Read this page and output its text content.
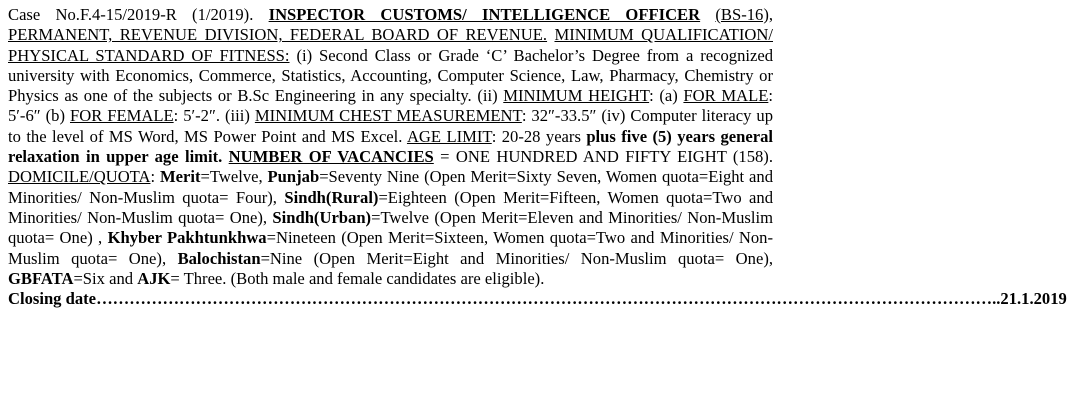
Case No.F.4-15/2019-R (1/2019). INSPECTOR CUSTOMS/ INTELLIGENCE OFFICER (BS-16), PERMANENT, REVENUE DIVISION, FEDERAL BOARD OF REVENUE. MINIMUM QUALIFICATION/ PHYSICAL STANDARD OF FITNESS: (i) Second Class or Grade ‘C’ Bachelor’s Degree from a recognized university with Economics, Commerce, Statistics, Accounting, Computer Science, Law, Pharmacy, Chemistry or Physics as one of the subjects or B.Sc Engineering in any specialty. (ii) MINIMUM HEIGHT: (a) FOR MALE: 5′-6″ (b) FOR FEMALE: 5′-2″. (iii) MINIMUM CHEST MEASUREMENT: 32″-33.5″ (iv) Computer literacy up to the level of MS Word, MS Power Point and MS Excel. AGE LIMIT: 20-28 years plus five (5) years general relaxation in upper age limit. NUMBER OF VACANCIES = ONE HUNDRED AND FIFTY EIGHT (158). DOMICILE/QUOTA: Merit=Twelve, Punjab=Seventy Nine (Open Merit=Sixty Seven, Women quota=Eight and Minorities/ Non-Muslim quota= Four), Sindh(Rural)=Eighteen (Open Merit=Fifteen, Women quota=Two and Minorities/ Non-Muslim quota= One), Sindh(Urban)=Twelve (Open Merit=Eleven and Minorities/ Non-Muslim quota= One) , Khyber Pakhtunkhwa=Nineteen (Open Merit=Sixteen, Women quota=Two and Minorities/ Non-Muslim quota= One), Balochistan=Nine (Open Merit=Eight and Minorities/ Non-Muslim quota= One), GBFATA=Six and AJK= Three. (Both male and female candidates are eligible).

Closing date ……………………………………………………………………………………………………………………………………………….. 21.1.2019
